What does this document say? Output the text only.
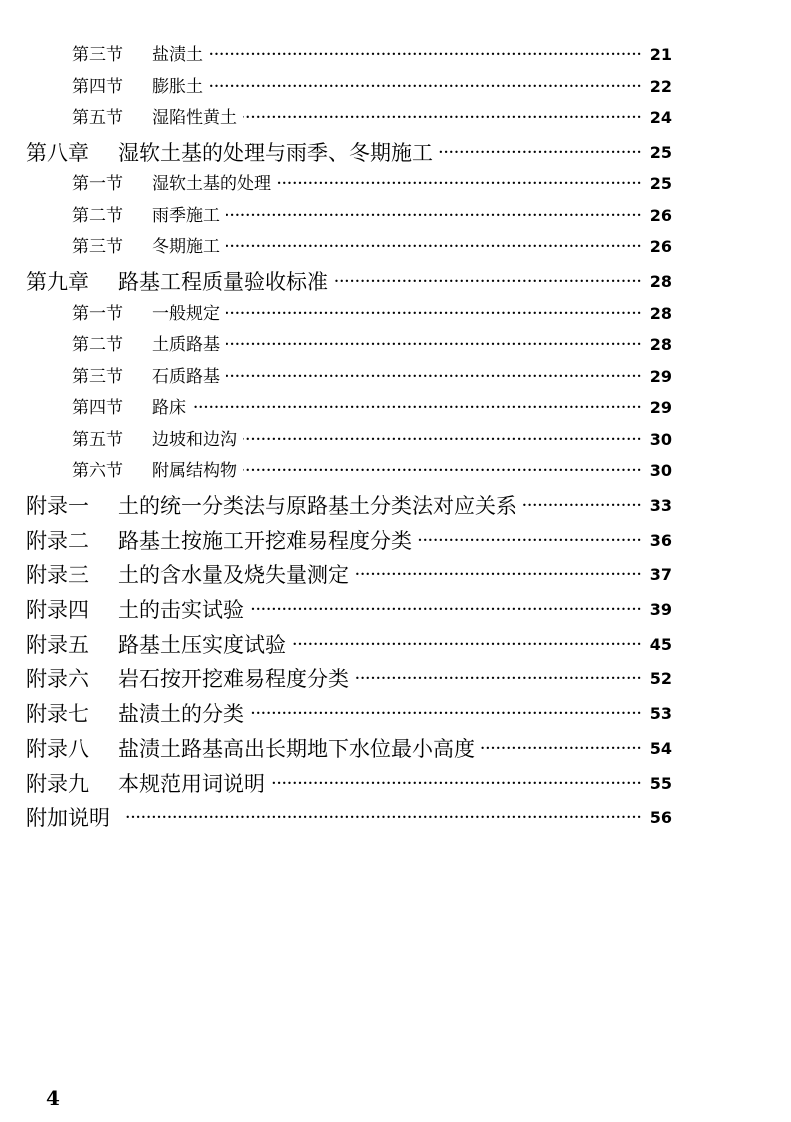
第三节	盐渍土 •••••	21
第四节	膨胀土 •••••	22
第五节	湿陷性黄土 •••••	24
第八章	湿软土基的处理与雨季、冬期施工 •••••	25
第一节	湿软土基的处理 •••••	25
第二节	雨季施工 •••••	26
第三节	冬期施工 •••••	26
第九章	路基工程质量验收标准 •••••	28
第一节	一般规定 •••••	28
第二节	土质路基 •••••	28
第三节	石质路基 •••••	29
第四节	路床 •••••	29
第五节	边坡和边沟 •••••	30
第六节	附属结构物 •••••	30
附录一	土的统一分类法与原路基土分类法对应关系 •••••	33
附录二	路基土按施工开挖难易程度分类 •••••	36
附录三	土的含水量及烧失量测定 •••••	37
附录四	土的击实试验 •••••	39
附录五	路基土压实度试验 •••••	45
附录六	岩石按开挖难易程度分类 •••••	52
附录七	盐渍土的分类 •••••	53
附录八	盐渍土路基高出长期地下水位最小高度 •••••	54
附录九	本规范用词说明 •••••	55
附加说明 •••••	56
4
